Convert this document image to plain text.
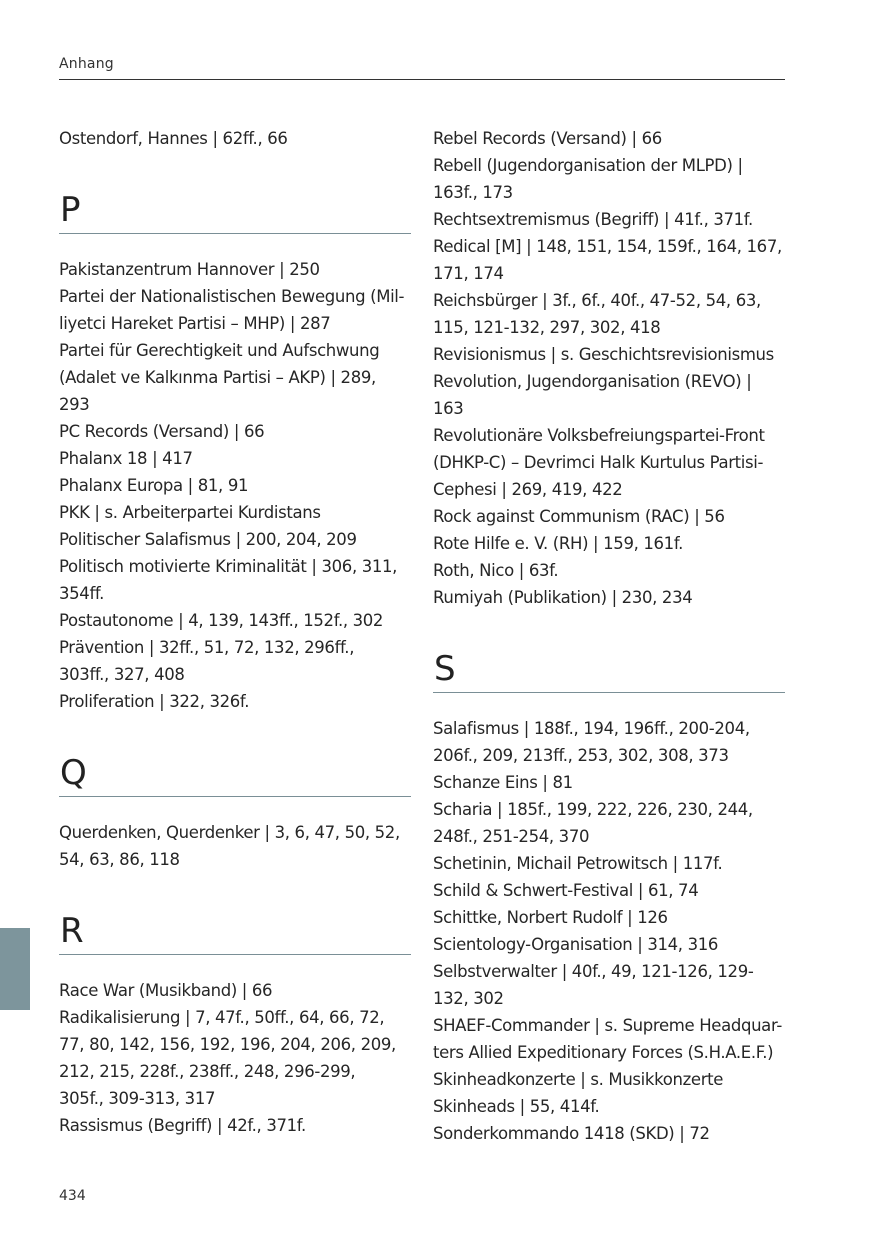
Anhang
Ostendorf, Hannes | 62ff., 66
P
Pakistanzentrum Hannover | 250
Partei der Nationalistischen Bewegung (Mil-
liyetci Hareket Partisi – MHP) | 287
Partei für Gerechtigkeit und Aufschwung
(Adalet ve Kalkınma Partisi – AKP) | 289,
293
PC Records (Versand) | 66
Phalanx 18 | 417
Phalanx Europa | 81, 91
PKK | s. Arbeiterpartei Kurdistans
Politischer Salafismus | 200, 204, 209
Politisch motivierte Kriminalität | 306, 311,
354ff.
Postautonome | 4, 139, 143ff., 152f., 302
Prävention | 32ff., 51, 72, 132, 296ff.,
303ff., 327, 408
Proliferation | 322, 326f.
Q
Querdenken, Querdenker | 3, 6, 47, 50, 52,
54, 63, 86, 118
R
Race War (Musikband) | 66
Radikalisierung | 7, 47f., 50ff., 64, 66, 72,
77, 80, 142, 156, 192, 196, 204, 206, 209,
212, 215, 228f., 238ff., 248, 296-299,
305f., 309-313, 317
Rassismus (Begriff) | 42f., 371f.
Rebel Records (Versand) | 66
Rebell (Jugendorganisation der MLPD) |
163f., 173
Rechtsextremismus (Begriff) | 41f., 371f.
Redical [M] | 148, 151, 154, 159f., 164, 167,
171, 174
Reichsbürger | 3f., 6f., 40f., 47-52, 54, 63,
115, 121-132, 297, 302, 418
Revisionismus | s. Geschichtsrevisionismus
Revolution, Jugendorganisation (REVO) |
163
Revolutionäre Volksbefreiungspartei-Front
(DHKP-C) – Devrimci Halk Kurtulus Partisi-
Cephesi | 269, 419, 422
Rock against Communism (RAC) | 56
Rote Hilfe e. V. (RH) | 159, 161f.
Roth, Nico | 63f.
Rumiyah (Publikation) | 230, 234
S
Salafismus | 188f., 194, 196ff., 200-204,
206f., 209, 213ff., 253, 302, 308, 373
Schanze Eins | 81
Scharia | 185f., 199, 222, 226, 230, 244,
248f., 251-254, 370
Schetinin, Michail Petrowitsch | 117f.
Schild & Schwert-Festival | 61, 74
Schittke, Norbert Rudolf | 126
Scientology-Organisation | 314, 316
Selbstverwalter | 40f., 49, 121-126, 129-
132, 302
SHAEF-Commander | s. Supreme Headquar-
ters Allied Expeditionary Forces (S.H.A.E.F.)
Skinheadkonzerte | s. Musikkonzerte
Skinheads | 55, 414f.
Sonderkommando 1418 (SKD) | 72
434
